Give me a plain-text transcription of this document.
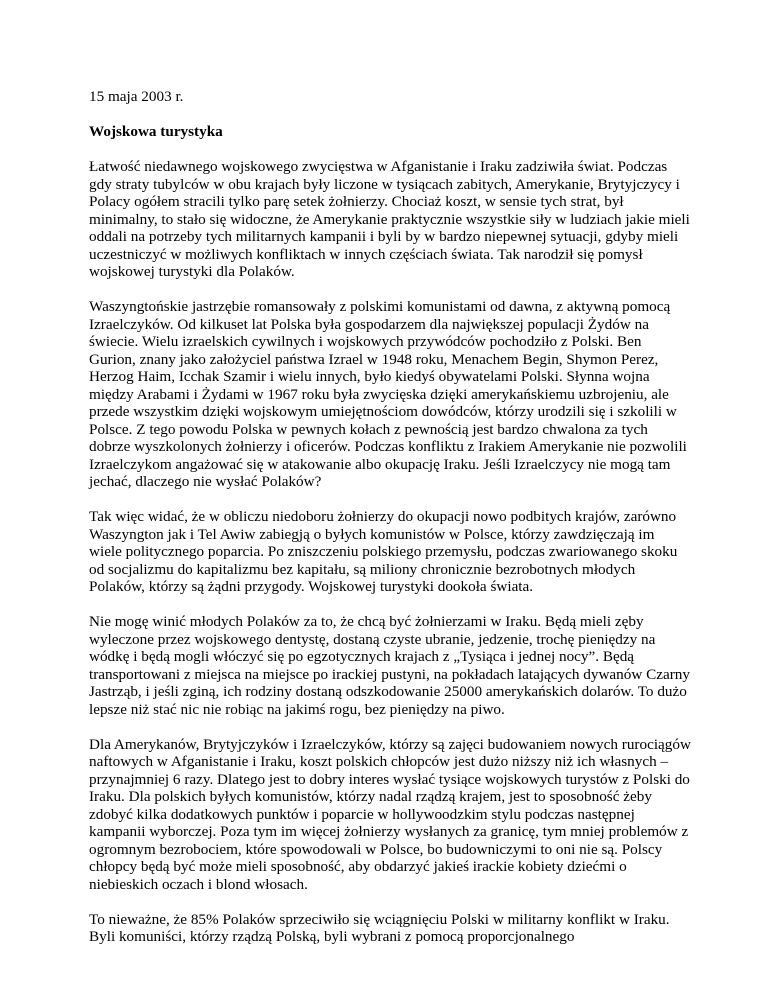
15 maja 2003 r.

Wojskowa turystyka

Łatwość niedawnego wojskowego zwycięstwa w Afganistanie i Iraku zadziwiła świat. Podczas gdy straty tubylców w obu krajach były liczone w tysiącach zabitych, Amerykanie, Brytyjczycy i Polacy ogółem stracili tylko parę setek żołnierzy. Chociaż koszt, w sensie tych strat, był minimalny, to stało się widoczne, że Amerykanie praktycznie wszystkie siły w ludziach jakie mieli oddali na potrzeby tych militarnych kampanii i byli by w bardzo niepewnej sytuacji, gdyby mieli uczestniczyć w możliwych konfliktach w innych częściach świata. Tak narodził się pomysł wojskowej turystyki dla Polaków.

Waszyngtońskie jastrzębie romansowały z polskimi komunistami od dawna, z aktywną pomocą Izraelczyków. Od kilkuset lat Polska była gospodarzem dla największej populacji Żydów na świecie. Wielu izraelskich cywilnych i wojskowych przywódców pochodziło z Polski. Ben Gurion, znany jako założyciel państwa Izrael w 1948 roku, Menachem Begin, Shymon Perez, Herzog Haim, Icchak Szamir i wielu innych, było kiedyś obywatelami Polski. Słynna wojna między Arabami i Żydami w 1967 roku była zwycięska dzięki amerykańskiemu uzbrojeniu, ale przede wszystkim dzięki wojskowym umiejętnościom dowódców, którzy urodzili się i szkolili w Polsce. Z tego powodu Polska w pewnych kołach z pewnością jest bardzo chwalona za tych dobrze wyszkolonych żołnierzy i oficerów. Podczas konfliktu z Irakiem Amerykanie nie pozwolili Izraelczykom angażować się w atakowanie albo okupację Iraku. Jeśli Izraelczycy nie mogą tam jechać, dlaczego nie wysłać Polaków?

Tak więc widać, że w obliczu niedoboru żołnierzy do okupacji nowo podbitych krajów, zarówno Waszyngton jak i Tel Awiw zabiegją o byłych komunistów w Polsce, którzy zawdzięczają im wiele politycznego poparcia. Po zniszczeniu polskiego przemysłu, podczas zwariowanego skoku od socjalizmu do kapitalizmu bez kapitału, są miliony chronicznie bezrobotnych młodych Polaków, którzy są żądni przygody. Wojskowej turystyki dookoła świata.

Nie mogę winić młodych Polaków za to, że chcą być żołnierzami w Iraku. Będą mieli zęby wyleczone przez wojskowego dentystę, dostaną czyste ubranie, jedzenie, trochę pieniędzy na wódkę i będą mogli włóczyć się po egzotycznych krajach z „Tysiąca i jednej nocy”. Będą transportowani z miejsca na miejsce po irackiej pustyni, na pokładach latających dywanów Czarny Jastrząb, i jeśli zginą, ich rodziny dostaną odszkodowanie 25000 amerykańskich dolarów. To dużo lepsze niż stać nic nie robiąc na jakimś rogu, bez pieniędzy na piwo.

Dla Amerykanów, Brytyjczyków i Izraelczyków, którzy są zajęci budowaniem nowych rurociągów naftowych w Afganistanie i Iraku, koszt polskich chłopców jest dużo niższy niż ich własnych – przynajmniej 6 razy. Dlatego jest to dobry interes wysłać tysiące wojskowych turystów z Polski do Iraku. Dla polskich byłych komunistów, którzy nadal rządzą krajem, jest to sposobność żeby zdobyć kilka dodatkowych punktów i poparcie w hollywoodzkim stylu podczas następnej kampanii wyborczej. Poza tym im więcej żołnierzy wysłanych za granicę, tym mniej problemów z ogromnym bezrobociem, które spowodowali w Polsce, bo budowniczymi to oni nie są. Polscy chłopcy będą być może mieli sposobność, aby obdarzyć jakieś irackie kobiety dziećmi o niebieskich oczach i blond włosach.

To nieważne, że 85% Polaków sprzeciwiło się wciągnięciu Polski w militarny konflikt w Iraku. Byli komuniści, którzy rządzą Polską, byli wybrani z pomocą proporcjonalnego
